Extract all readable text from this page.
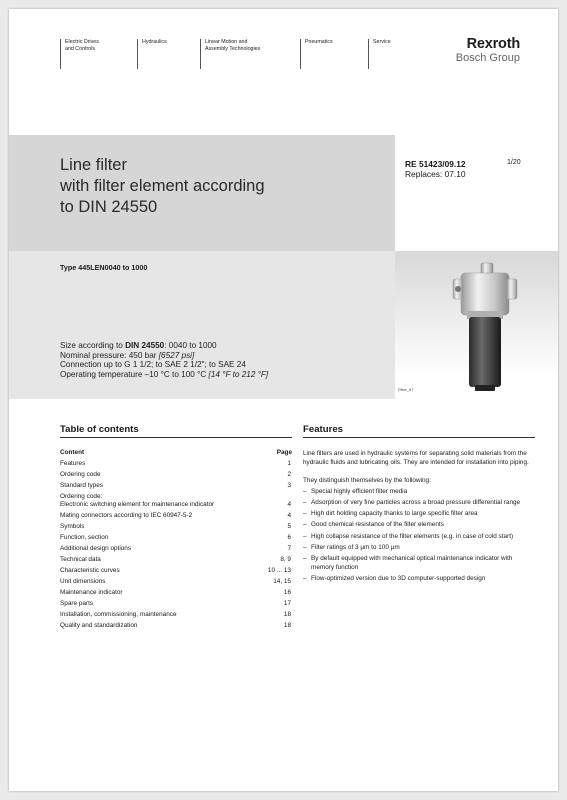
Electric Drives
and Controls
Hydraulics	Linear Motion and
Assembly Technologies
Pneumatics	Service	Rexroth
Bosch Group
Line filter
with filter element according
to DIN 24550
RE 51423/09.12
Replaces: 07.10
1/20
Type 445LEN0040 to 1000
Size according to DIN 24550: 0040 to 1000
Nominal pressure: 450 bar [6527 psi]
Connection up to G 1 1/2; to SAE 2 1/2"; to SAE 24
Operating temperature –10 °C to 100 °C [14 °F to 212 °F]
Filter_67
Table of contents
Content	Page
Features	1
Ordering code	2
Standard types	3
Ordering code:
Electronic switching element for maintenance indicator	4
Mating connectors according to IEC 60947-5-2	4
Symbols	5
Function, section	6
Additional design options	7
Technical data	8, 9
Characteristic curves	10 ... 13
Unit dimensions	14, 15
Maintenance indicator	16
Spare parts	17
Installation, commissioning, maintenance	18
Quality and standardization	18
Features

Line filters are used in hydraulic systems for separating solid materials from the hydraulic fluids and lubricating oils. They are intended for installation into piping.

They distinguish themselves by the following:

– Special highly efficient filter media
– Adsorption of very fine particles across a broad pressure differential range
– High dirt holding capacity thanks to large specific filter area
– Good chemical resistance of the filter elements
– High collapse resistance of the filter elements (e.g. in case of cold start)
– Filter ratings of 3 µm to 100 µm
– By default equipped with mechanical optical maintenance indicator with memory function
– Flow-optimized version due to 3D computer-supported design
